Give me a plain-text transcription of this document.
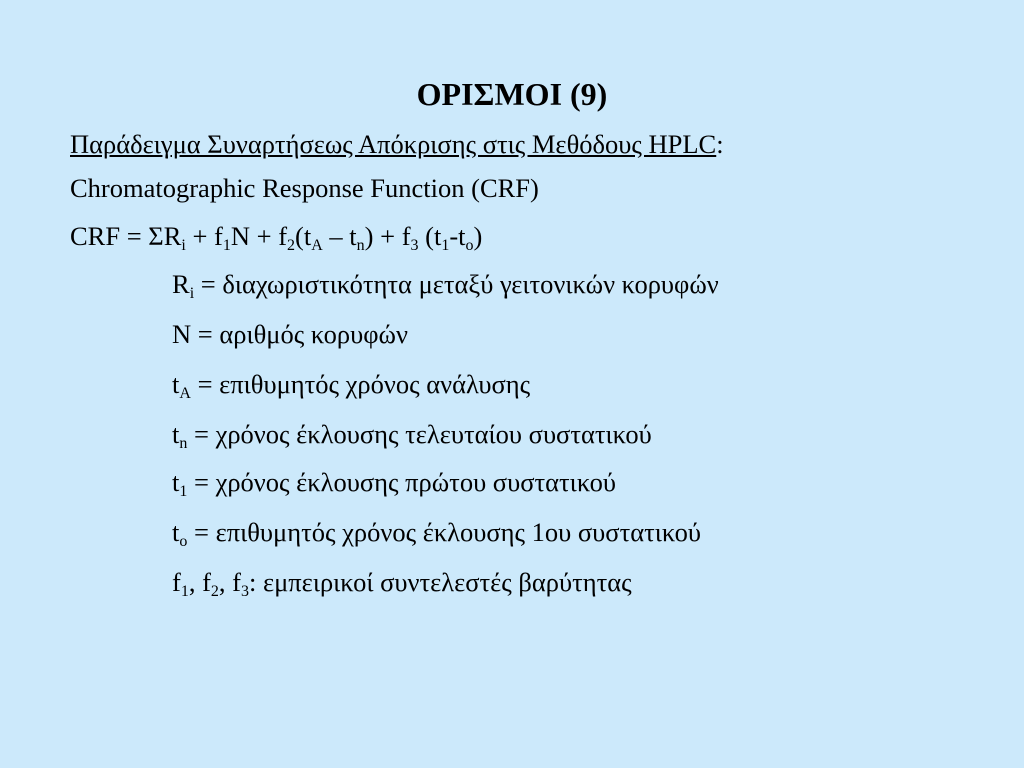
ΟΡΙΣΜΟΙ (9)
Παράδειγμα Συναρτήσεως Απόκρισης στις Μεθόδους HPLC:
Chromatographic Response Function (CRF)
CRF = $\Sigma R_i + f_1N + f_2(t_A - t_n) + f_3$ $(t_1-t_o)$
$R_i = \delta\iota\alpha\chi\omega\rho\iota\sigma\tau\iota\kappa ό\tau\eta\tau\alpha$ μεταξύ γειτονικών κορυφών
N = αριθμός κορυφών
$t_A = \varepsilon\pi\iota\theta\upsilon\mu\eta\tau ό\varsigma$ χρόνος ανάλυσης
$t_n = \chi\rho ό\nu o\varsigma$ έκλουσης τελευταίου συστατικού
$t_1 = \chi\rho ό\nu o\varsigma$ έκλουσης πρώτου συστατικού
$t_o = \varepsilon\pi\iota\theta\upsilon\mu\eta\tau ό\varsigma$ χρόνος έκλουσης 1ου συστατικού
$f_1$, $f_2$, $f_3$: εμπειρικοί συντελεστές βαρύτητας
